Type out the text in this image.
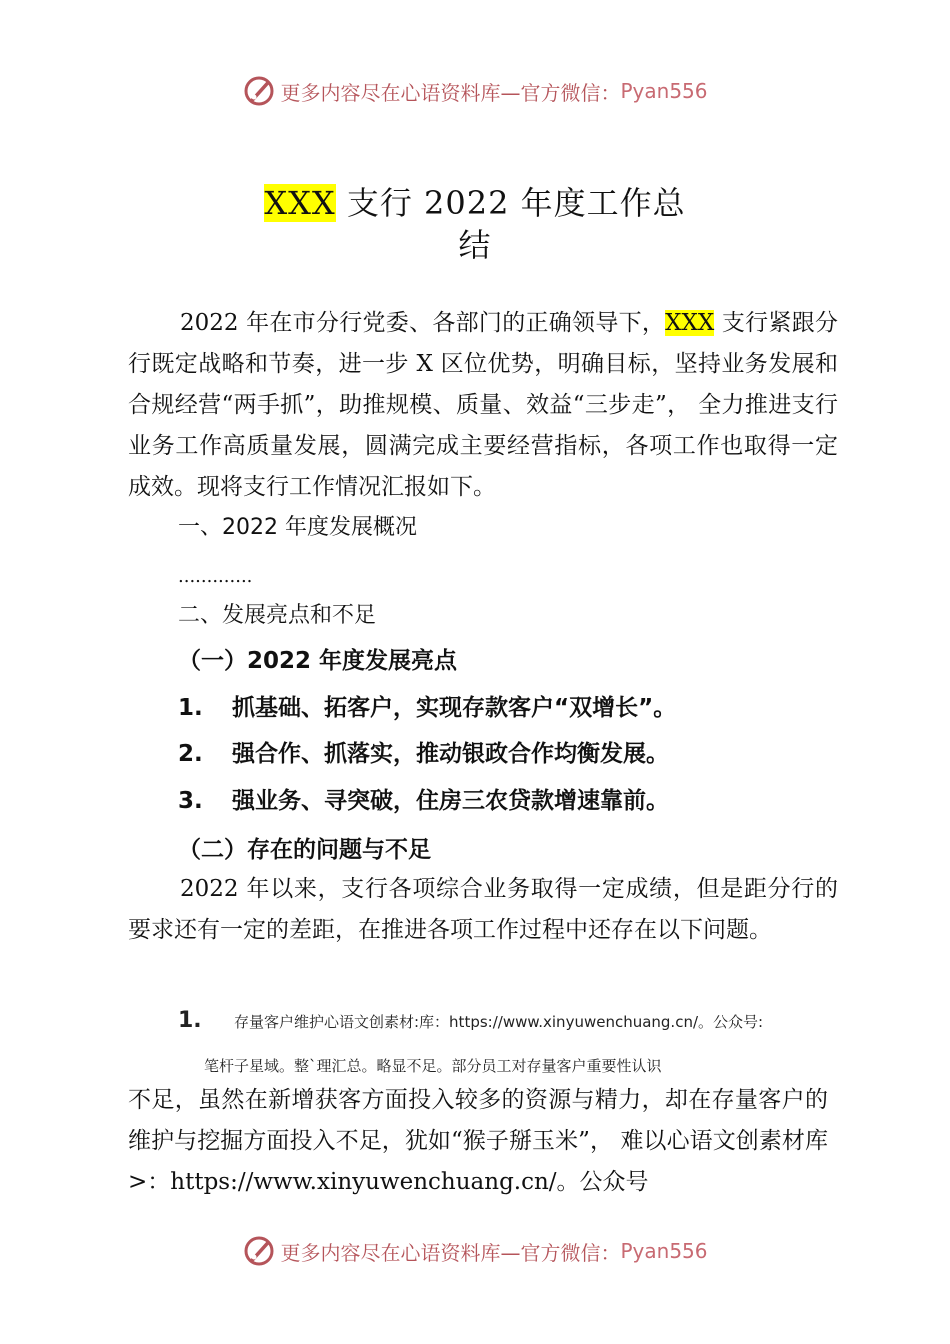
更多内容尽在心语资料库—官方微信： Pyan556
XXX 支行 2022 年度工作总
结
2022 年在市分行党委、各部门的正确领导下，XXX 支行紧跟分行既定战略和节奏，进一步 X 区位优势，明确目标，坚持业务发展和合规经营“两手抓”，助推规模、质量、效益“三步走”， 全力推进支行业务工作高质量发展，圆满完成主要经营指标，各项工作也取得一定成效。现将支行工作情况汇报如下。
一、2022 年度发展概况
.............
二、发展亮点和不足
（一）2022 年度发展亮点
1. 抓基础、拓客户，实现存款客户“双增长”。
2. 强合作、抓落实，推动银政合作均衡发展。
3. 强业务、寻突破，住房三农贷款增速靠前。
（二）存在的问题与不足
2022 年以来，支行各项综合业务取得一定成绩，但是距分行的要求还有一定的差距，在推进各项工作过程中还存在以下问题。
1. 存量客户维护心语文创素材:库：https://www.xinyuwenchuang.cn/。公众号:
笔杆子星域。整`理汇总。略显不足。部分员工对存量客户重要性认识
不足，虽然在新增获客方面投入较多的资源与精力，却在存量客户的维护与挖掘方面投入不足，犹如“猴子掰玉米”， 难以心语文创素材库>：https://www.xinyuwenchuang.cn/。公众号
更多内容尽在心语资料库—官方微信： Pyan556
